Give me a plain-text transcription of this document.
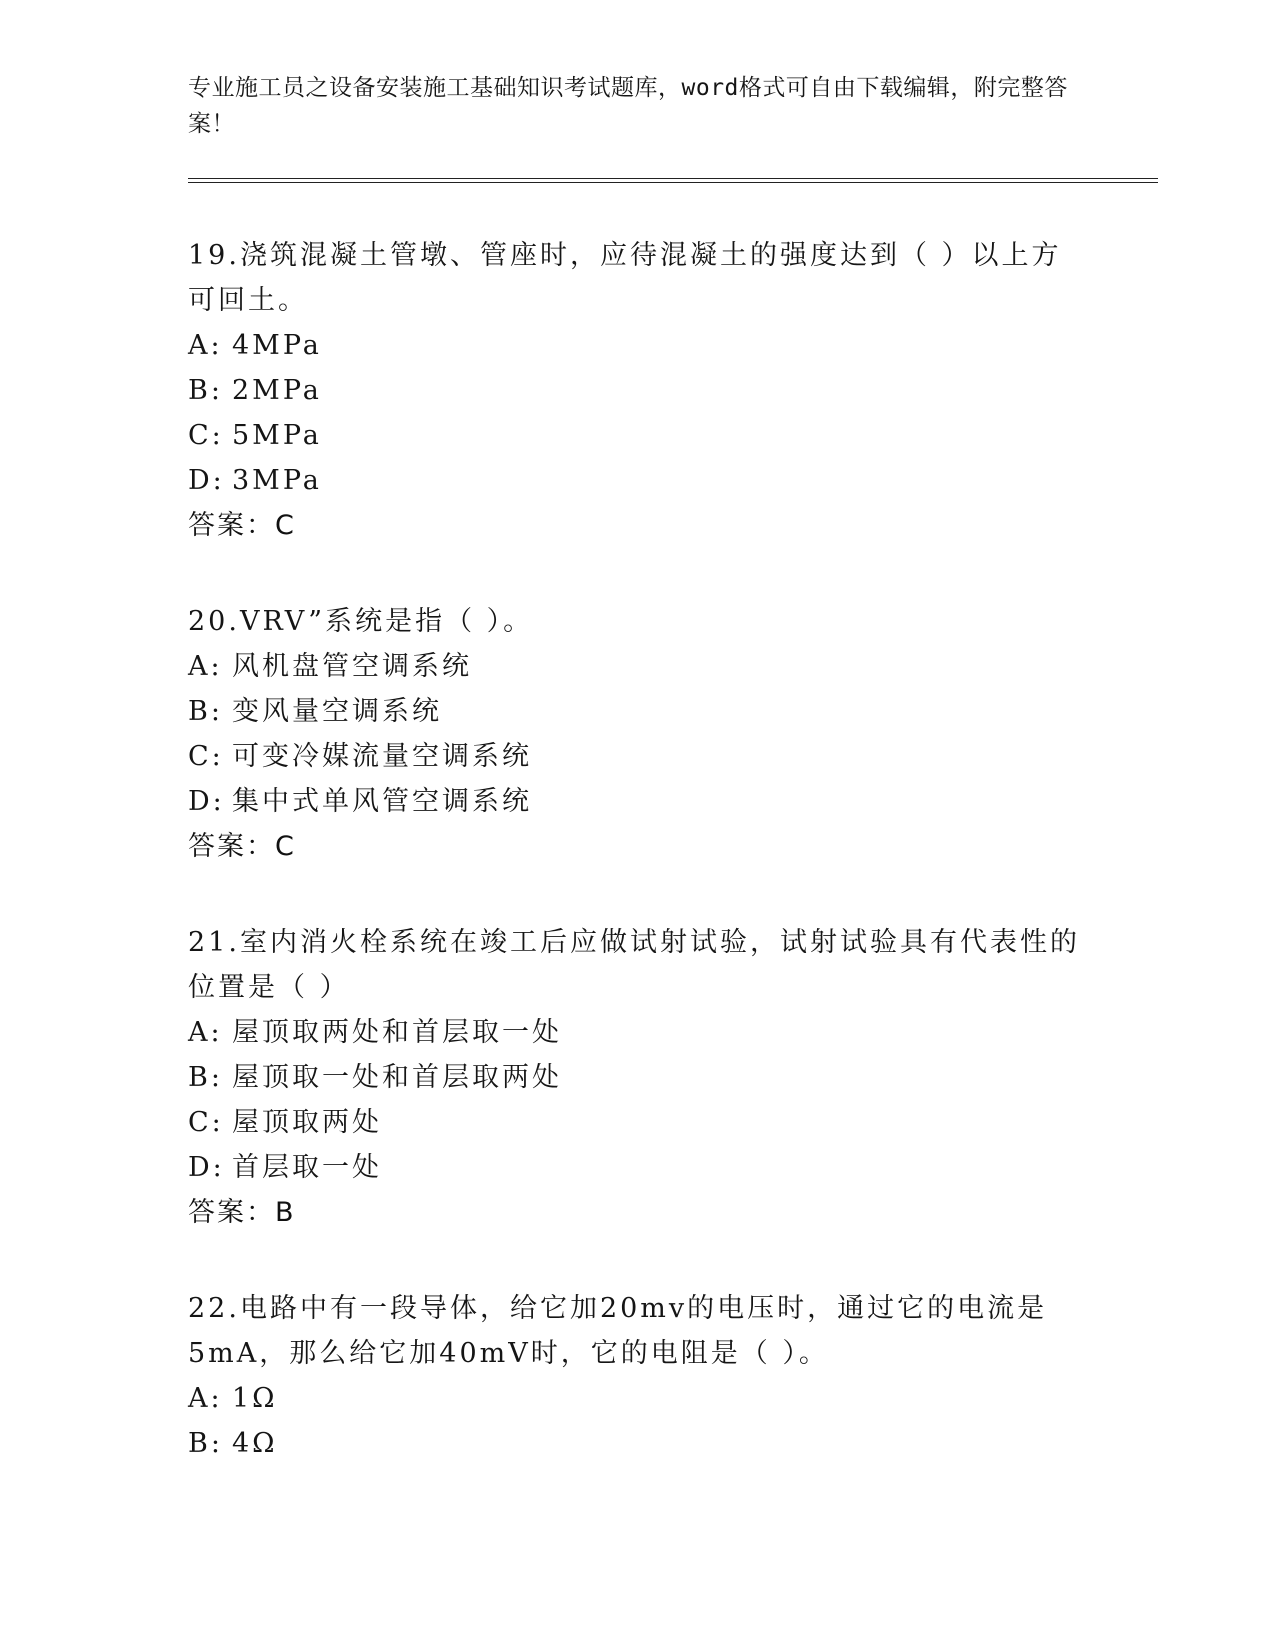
专业施工员之设备安装施工基础知识考试题库，word格式可自由下载编辑，附完整答案！
19.浇筑混凝土管墩、管座时，应待混凝土的强度达到（ ）以上方可回土。
A: 4MPa
B: 2MPa
C: 5MPa
D: 3MPa
答案：C
20.VRV”系统是指（ ）。
A: 风机盘管空调系统
B: 变风量空调系统
C: 可变冷媒流量空调系统
D: 集中式单风管空调系统
答案：C
21.室内消火栓系统在竣工后应做试射试验，试射试验具有代表性的位置是（ ）
A: 屋顶取两处和首层取一处
B: 屋顶取一处和首层取两处
C: 屋顶取两处
D: 首层取一处
答案：B
22.电路中有一段导体，给它加20mv的电压时，通过它的电流是5mA，那么给它加40mV时，它的电阻是（ ）。
A: 1Ω
B: 4Ω
